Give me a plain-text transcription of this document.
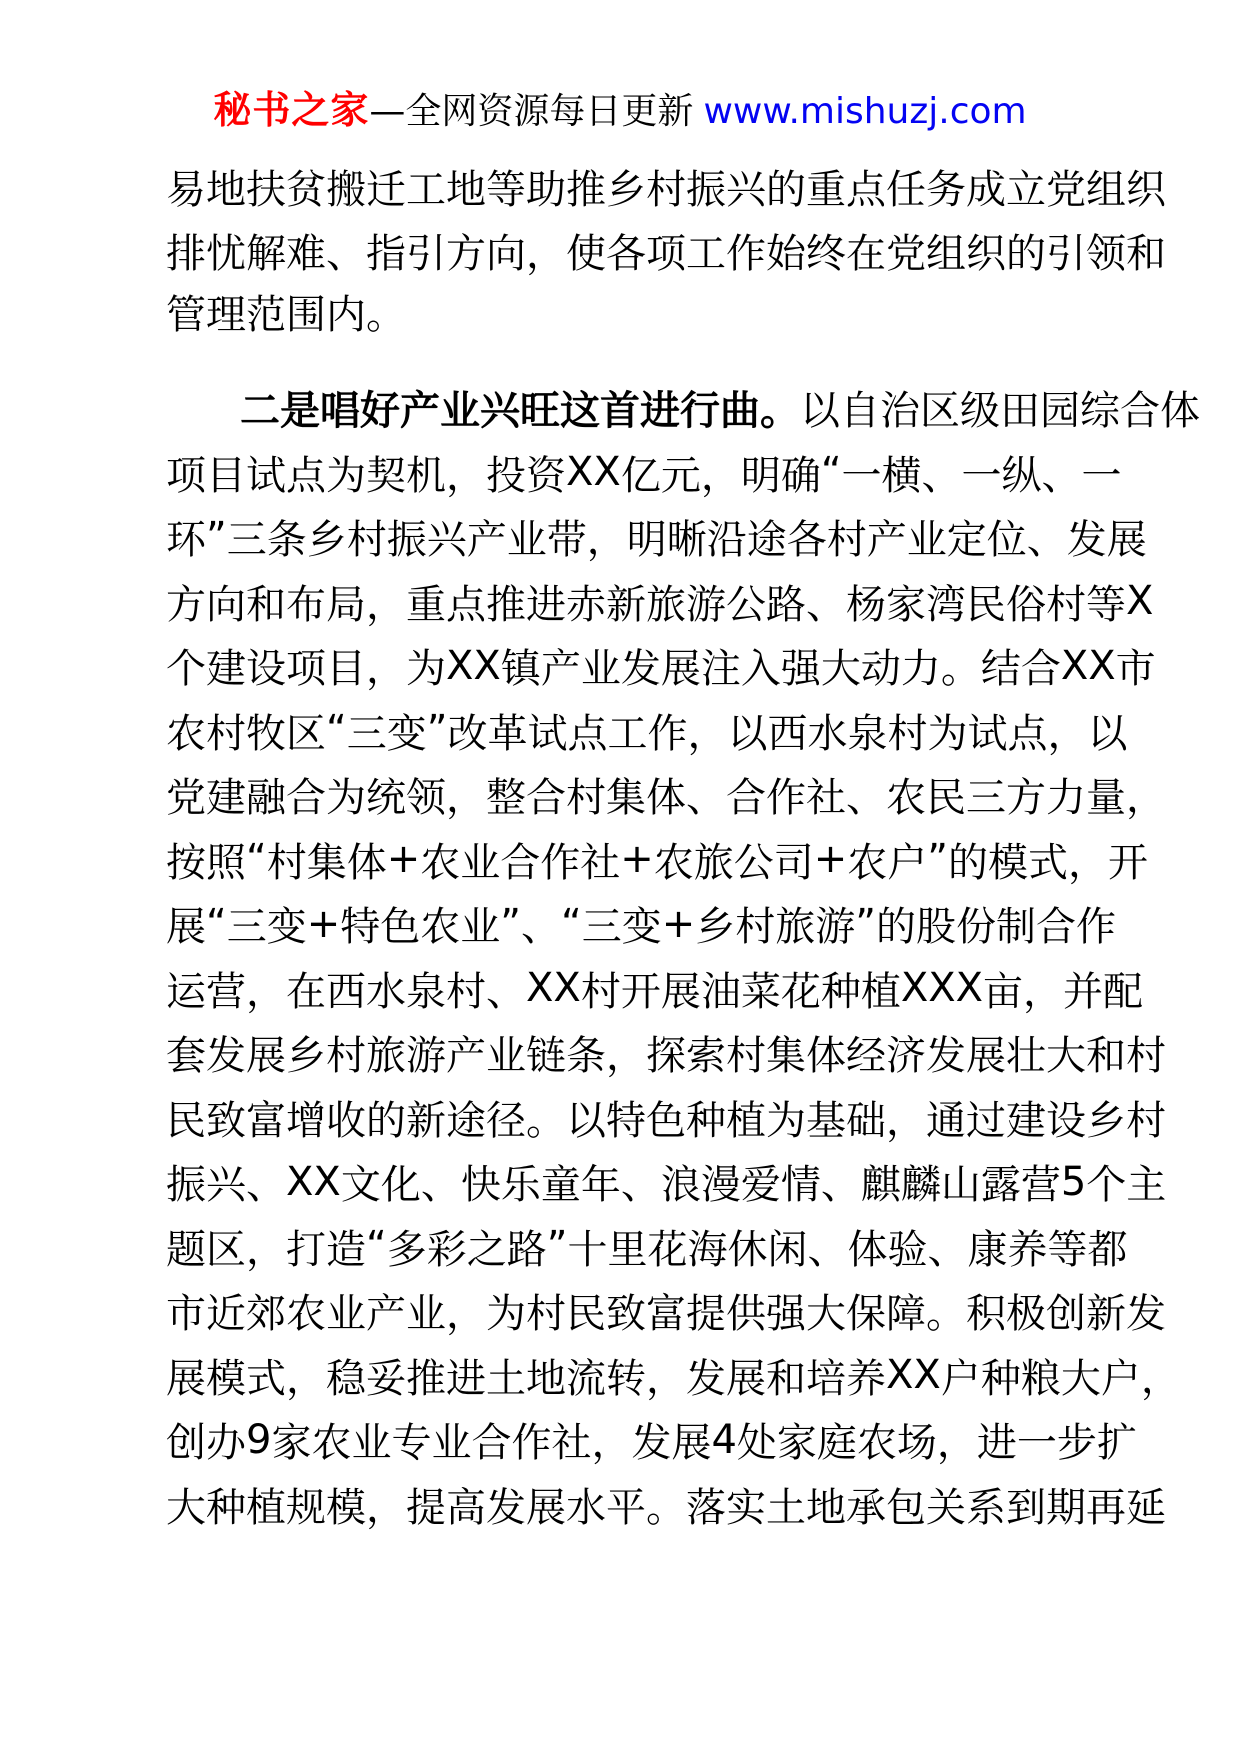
秘书之家—全网资源每日更新 www.mishuzj.com
易 地 扶 贫 搬 迁 工 地 等 助 推 乡 村 振 兴 的 重 点 任 务 成 立 党 组 织
排 忧 解 难 、 指 引 方 向 ， 使 各 项 工 作 始 终 在 党 组 织 的 引 领 和
管理范围内。
二 是 唱 好 产 业 兴 旺 这 首 进 行 曲 。 以 自 治 区 级 田 园 综 合 体
项 目 试 点 为 契 机 ， 投 资 X X 亿 元 ， 明 确 “ 一 横 、 一 纵 、 一
环 ” 三 条 乡 村 振 兴 产 业 带 ， 明 晰 沿 途 各 村 产 业 定 位 、 发 展
方 向 和 布 局 ， 重 点 推 进 赤 新 旅 游 公 路 、 杨 家 湾 民 俗 村 等 X
个 建 设 项 目 ， 为 X X 镇 产 业 发 展 注 入 强 大 动 力 。 结 合 X X 市
农 村 牧 区 “ 三 变 ” 改 革 试 点 工 作 ， 以 西 水 泉 村 为 试 点 ， 以
党 建 融 合 为 统 领 ， 整 合 村 集 体 、 合 作 社 、 农 民 三 方 力 量 ，
按 照 “ 村 集 体 + 农 业 合 作 社 + 农 旅 公 司 + 农 户 ” 的 模 式 ， 开
展 “ 三 变 + 特 色 农 业 ” 、 “ 三 变 + 乡 村 旅 游 ” 的 股 份 制 合 作
运 营 ， 在 西 水 泉 村 、 X X 村 开 展 油 菜 花 种 植 X X X 亩 ， 并 配
套 发 展 乡 村 旅 游 产 业 链 条 ， 探 索 村 集 体 经 济 发 展 壮 大 和 村
民 致 富 增 收 的 新 途 径 。 以 特 色 种 植 为 基 础 ， 通 过 建 设 乡 村
振 兴 、 X X 文 化 、 快 乐 童 年 、 浪 漫 爱 情 、 麒 麟 山 露 营 5 个 主
题 区 ， 打 造 “ 多 彩 之 路 ” 十 里 花 海 休 闲 、 体 验 、 康 养 等 都
市 近 郊 农 业 产 业 ， 为 村 民 致 富 提 供 强 大 保 障 。 积 极 创 新 发
展 模 式 ， 稳 妥 推 进 土 地 流 转 ， 发 展 和 培 养 X X 户 种 粮 大 户 ，
创 办 9 家 农 业 专 业 合 作 社 ， 发 展 4 处 家 庭 农 场 ， 进 一 步 扩
大 种 植 规 模 ， 提 高 发 展 水 平 。 落 实 土 地 承 包 关 系 到 期 再 延
